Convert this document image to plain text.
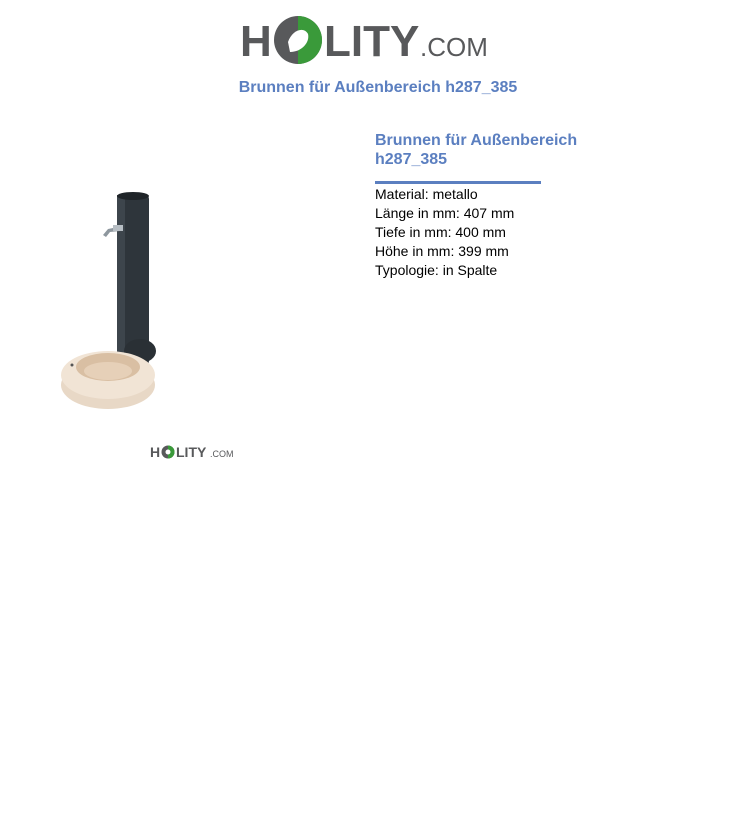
H LITY .COM
Brunnen für Außenbereich h287_385
H LITY .COM
Brunnen für Außenbereich
h287_385
Material: metallo
Länge in mm: 407 mm
Tiefe in mm: 400 mm
Höhe in mm: 399 mm
Typologie: in Spalte
